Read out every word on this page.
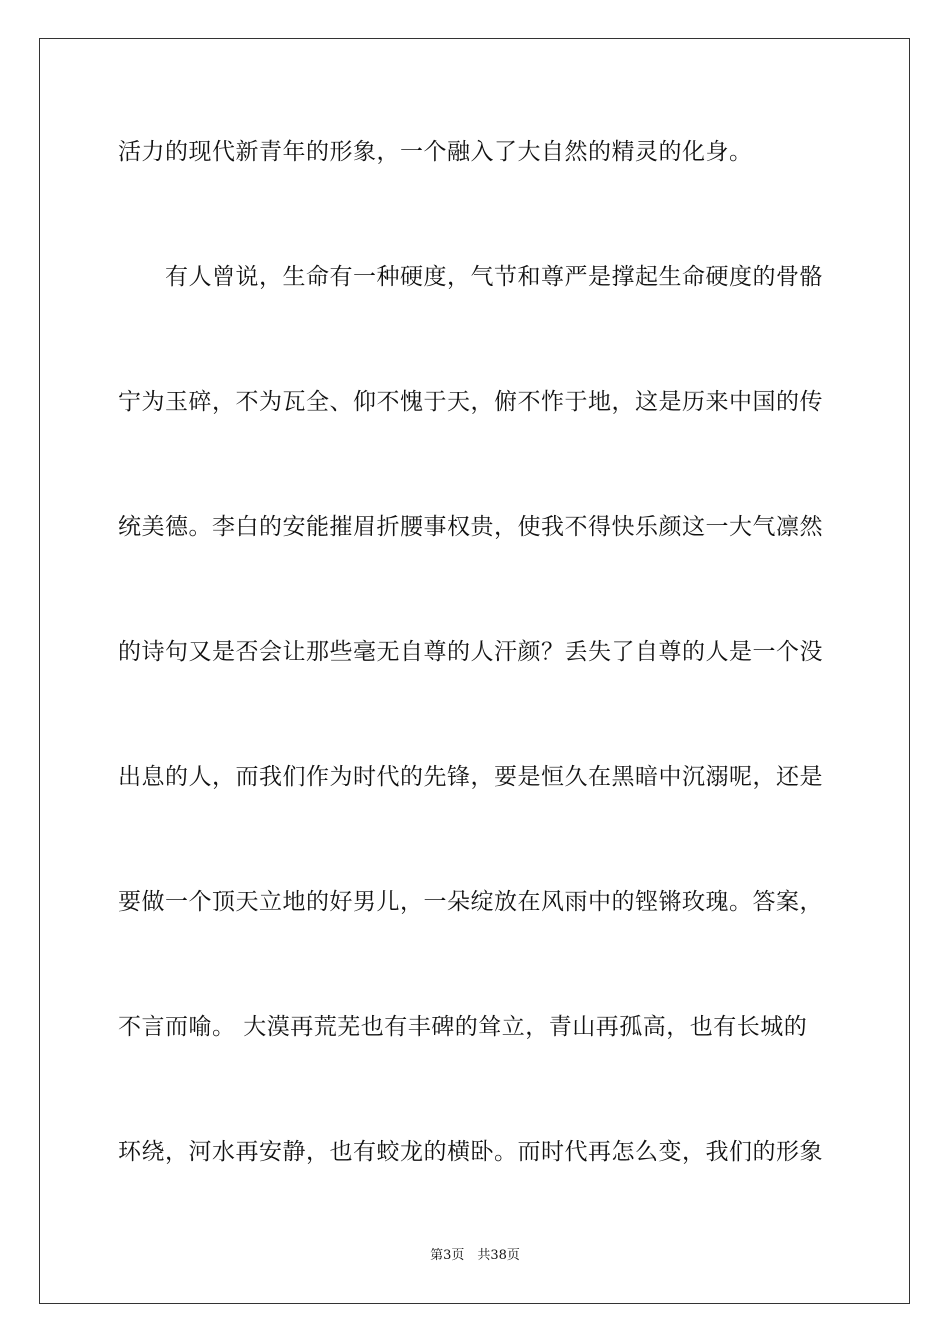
活力的现代新青年的形象，一个融入了大自然的精灵的化身。
　　有人曾说，生命有一种硬度，气节和尊严是撑起生命硬度的骨骼
宁为玉碎，不为瓦全、仰不愧于天，俯不怍于地，这是历来中国的传
统美德。李白的安能摧眉折腰事权贵，使我不得快乐颜这一大气凛然
的诗句又是否会让那些毫无自尊的人汗颜？丢失了自尊的人是一个没
出息的人，而我们作为时代的先锋，要是恒久在黑暗中沉溺呢，还是
要做一个顶天立地的好男儿，一朵绽放在风雨中的铿锵玫瑰。答案，
不言而喻。 大漠再荒芜也有丰碑的耸立，青山再孤高，也有长城的
环绕，河水再安静，也有蛟龙的横卧。而时代再怎么变，我们的形象
第3页　共38页
